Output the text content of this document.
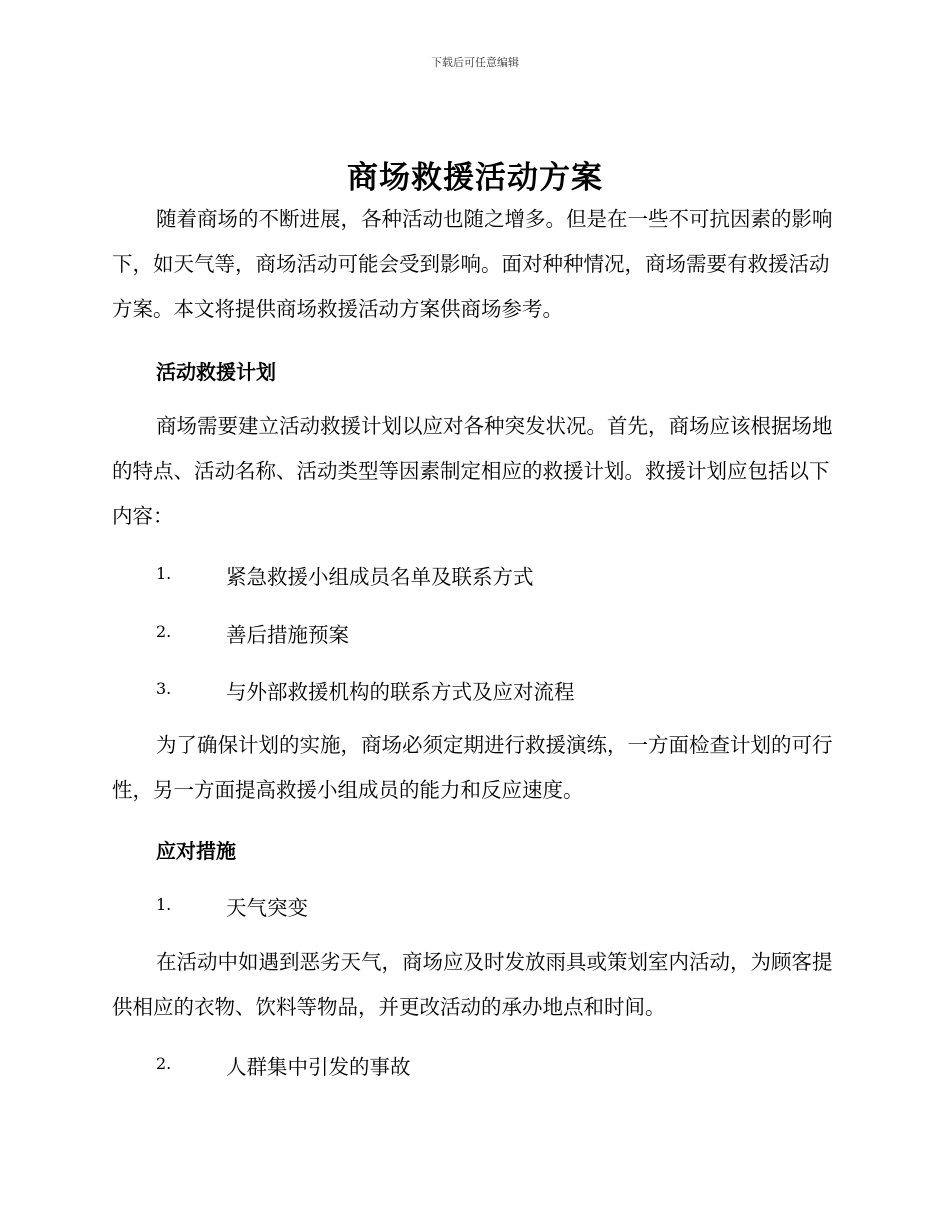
下载后可任意编辑
商场救援活动方案
随着商场的不断进展，各种活动也随之增多。但是在一些不可抗因素的影响下，如天气等，商场活动可能会受到影响。面对种种情况，商场需要有救援活动方案。本文将提供商场救援活动方案供商场参考。
活动救援计划
商场需要建立活动救援计划以应对各种突发状况。首先，商场应该根据场地的特点、活动名称、活动类型等因素制定相应的救援计划。救援计划应包括以下内容：
1.	紧急救援小组成员名单及联系方式
2.	善后措施预案
3.	与外部救援机构的联系方式及应对流程
为了确保计划的实施，商场必须定期进行救援演练，一方面检查计划的可行性，另一方面提高救援小组成员的能力和反应速度。
应对措施
1.	天气突变
在活动中如遇到恶劣天气，商场应及时发放雨具或策划室内活动，为顾客提供相应的衣物、饮料等物品，并更改活动的承办地点和时间。
2.	人群集中引发的事故
